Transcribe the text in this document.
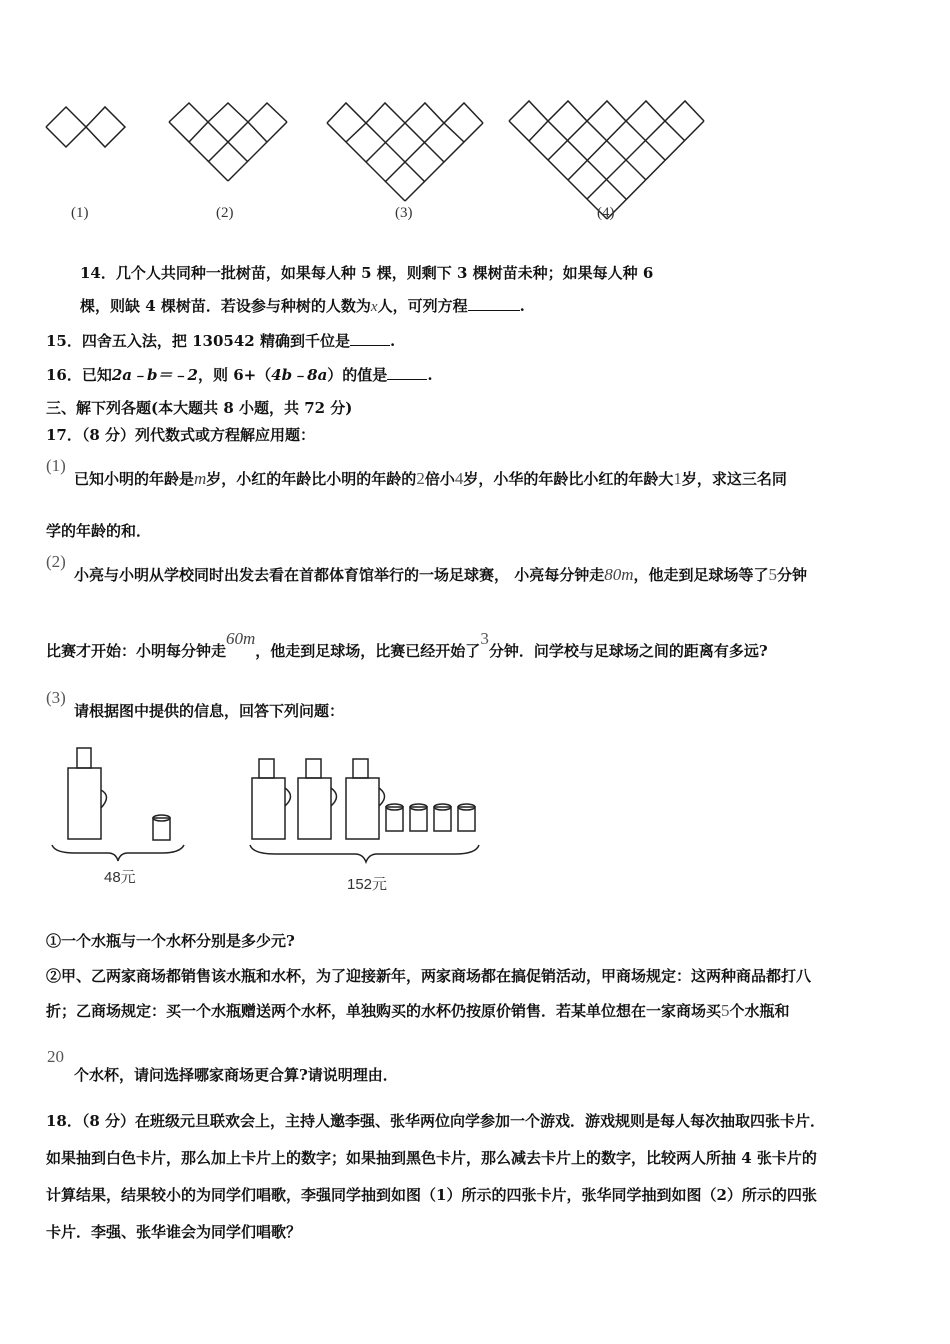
(1)	(2)	(3)	(4)
14．几个人共同种一批树苗，如果每人种 5 棵，则剩下 3 棵树苗未种；如果每人种 6
棵，则缺 4 棵树苗．若设参与种树的人数为x人，可列方程	.
15．四舍五入法，把 130542 精确到千位是	.
16．已知2a﹣b＝﹣2，则 6+（4b﹣8a）的值是	.
三、解下列各题(本大题共 8 小题，共 72 分)
17．（8 分）列代数式或方程解应用题：
(1)
已知小明的年龄是m岁，小红的年龄比小明的年龄的2倍小4岁，小华的年龄比小红的年龄大1岁，求这三名同
学的年龄的和．
(2)
小亮与小明从学校同时出发去看在首都体育馆举行的一场足球赛， 小亮每分钟走80m，他走到足球场等了5分钟
比赛才开始：小明每分钟走60m，他走到足球场，比赛已经开始了3分钟．问学校与足球场之间的距离有多远?
(3)
请根据图中提供的信息，回答下列问题：
48元	152元
①一个水瓶与一个水杯分别是多少元?
②甲、乙两家商场都销售该水瓶和水杯，为了迎接新年，两家商场都在搞促销活动，甲商场规定：这两种商品都打八
折；乙商场规定：买一个水瓶赠送两个水杯，单独购买的水杯仍按原价销售．若某单位想在一家商场买5个水瓶和
20
个水杯，请问选择哪家商场更合算?请说明理由．
18．（8 分）在班级元旦联欢会上，主持人邀李强、张华两位向学参加一个游戏．游戏规则是每人每次抽取四张卡片．
如果抽到白色卡片，那么加上卡片上的数字；如果抽到黑色卡片，那么减去卡片上的数字，比较两人所抽 4 张卡片的
计算结果，结果较小的为同学们唱歌，李强同学抽到如图（1）所示的四张卡片，张华同学抽到如图（2）所示的四张
卡片．李强、张华谁会为同学们唱歌？
